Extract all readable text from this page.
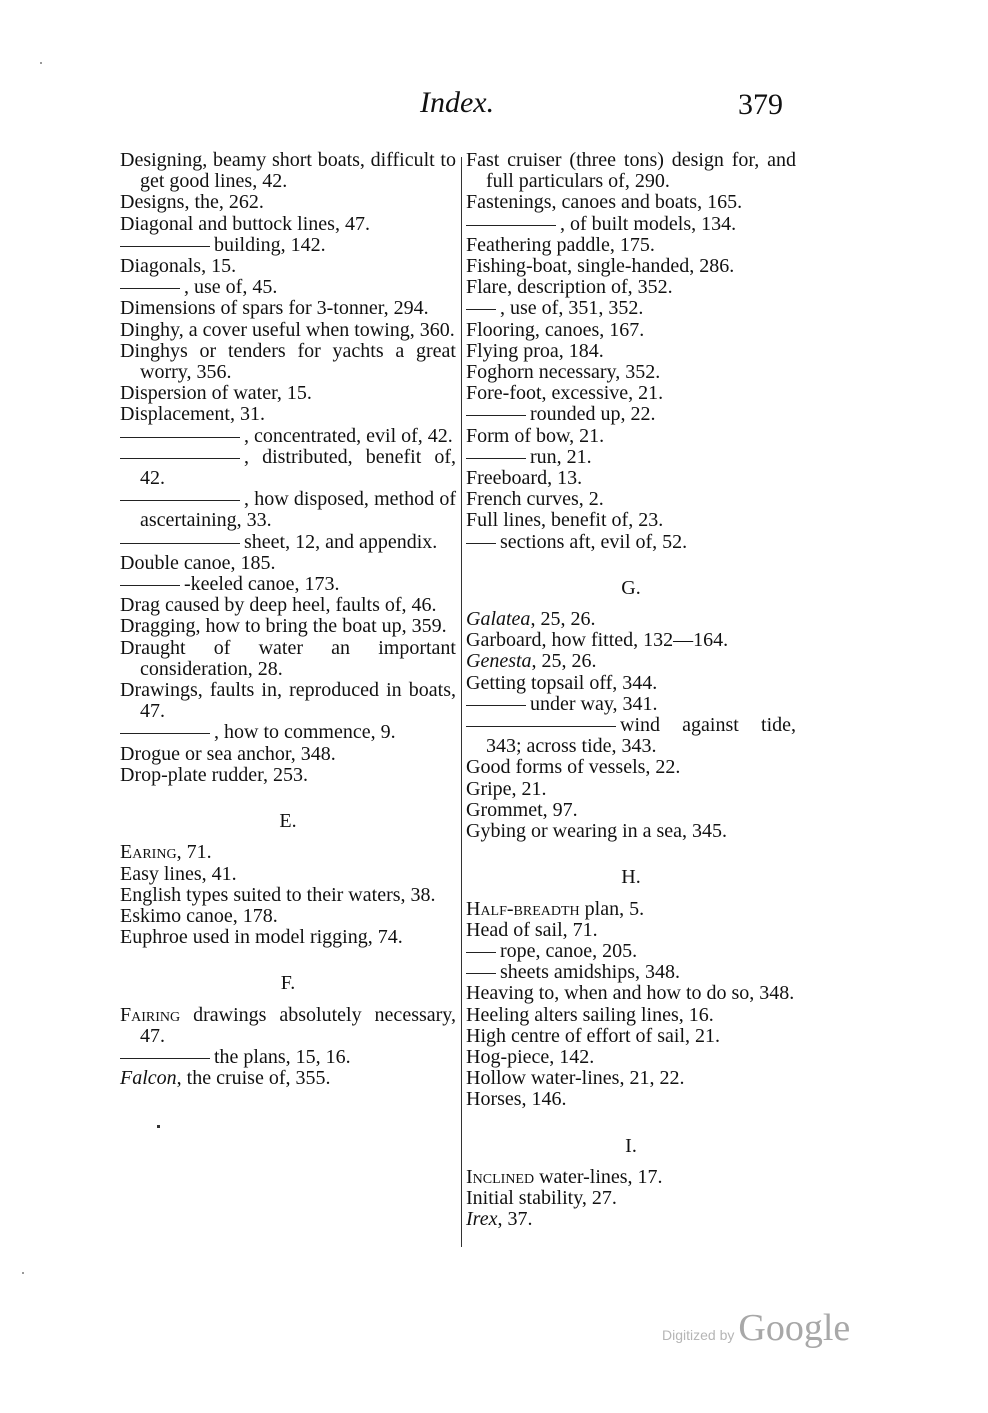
Index.	379

Designing, beamy short boats, difficult to get good lines, 42.

Designs, the, 262.

Diagonal and buttock lines, 47.

building, 142.

Diagonals, 15.

, use of, 45.

Dimensions of spars for 3-tonner, 294.

Dinghy, a cover useful when towing, 360.

Dinghys or tenders for yachts a great worry, 356.

Dispersion of water, 15.

Displacement, 31.

, concentrated, evil of, 42.

, distributed, benefit of, 42.

, how disposed, method of ascertaining, 33.

sheet, 12, and appendix.

Double canoe, 185.

-keeled canoe, 173.

Drag caused by deep heel, faults of, 46.

Dragging, how to bring the boat up, 359.

Draught of water an important consideration, 28.

Drawings, faults in, reproduced in boats, 47.

, how to commence, 9.

Drogue or sea anchor, 348.

Drop-plate rudder, 253.

E.

Earing, 71.

Easy lines, 41.

English types suited to their waters, 38.

Eskimo canoe, 178.

Euphroe used in model rigging, 74.

F.

Fairing drawings absolutely necessary, 47.

the plans, 15, 16.

Falcon, the cruise of, 355.

Fast cruiser (three tons) design for, and full particulars of, 290.

Fastenings, canoes and boats, 165.

, of built models, 134.

Feathering paddle, 175.

Fishing-boat, single-handed, 286.

Flare, description of, 352.

, use of, 351, 352.

Flooring, canoes, 167.

Flying proa, 184.

Foghorn necessary, 352.

Fore-foot, excessive, 21.

rounded up, 22.

Form of bow, 21.

run, 21.

Freeboard, 13.

French curves, 2.

Full lines, benefit of, 23.

sections aft, evil of, 52.

G.

Galatea, 25, 26.

Garboard, how fitted, 132—164.

Genesta, 25, 26.

Getting topsail off, 344.

under way, 341.

wind against tide, 343; across tide, 343.

Good forms of vessels, 22.

Gripe, 21.

Grommet, 97.

Gybing or wearing in a sea, 345.

H.

Half-breadth plan, 5.

Head of sail, 71.

rope, canoe, 205.

sheets amidships, 348.

Heaving to, when and how to do so, 348.

Heeling alters sailing lines, 16.

High centre of effort of sail, 21.

Hog-piece, 142.

Hollow water-lines, 21, 22.

Horses, 146.

I.

Inclined water-lines, 17.

Initial stability, 27.

Irex, 37.

Digitized by Google
